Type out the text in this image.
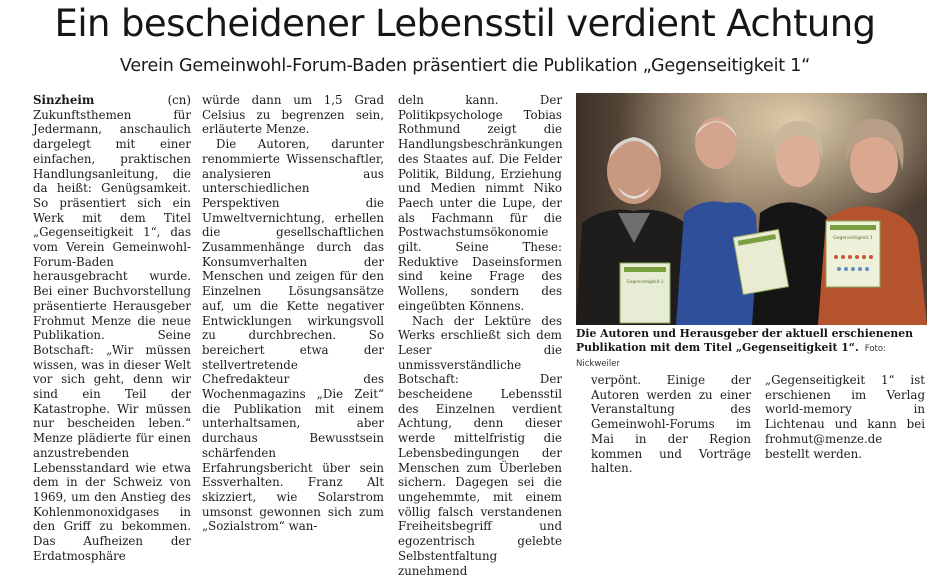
Ein bescheidener Lebensstil verdient Achtung
Verein Gemeinwohl-Forum-Baden präsentiert die Publikation „Gegenseitigkeit 1“

Sinzheim (cn) Zukunftsthemen für Jedermann, anschaulich dargelegt mit einer einfachen, praktischen Handlungsanleitung, die da heißt: Genügsamkeit. So präsentiert sich ein Werk mit dem Titel „Gegenseitigkeit 1“, das vom Verein Gemeinwohl-Forum-Baden herausgebracht wurde. Bei einer Buchvorstellung präsentierte Herausgeber Frohmut Menze die neue Publikation. Seine Botschaft: „Wir müssen wissen, was in dieser Welt vor sich geht, denn wir sind ein Teil der Katastrophe. Wir müssen nur bescheiden leben.“ Menze plädierte für einen anzustrebenden Lebensstandard wie etwa dem in der Schweiz von 1969, um den Anstieg des Kohlenmonoxidgases in den Griff zu bekommen. Das Aufheizen der Erdatmosphäre

würde dann um 1,5 Grad Celsius zu begrenzen sein, erläuterte Menze.

Die Autoren, darunter renommierte Wissenschaftler, analysieren aus unterschiedlichen Perspektiven die Umweltvernichtung, erhellen die gesellschaftlichen Zusammenhänge durch das Konsumverhalten der Menschen und zeigen für den Einzelnen Lösungsansätze auf, um die Kette negativer Entwicklungen wirkungsvoll zu durchbrechen. So bereichert etwa der stellvertretende Chefredakteur des Wochenmagazins „Die Zeit“ die Publikation mit einem unterhaltsamen, aber durchaus Bewusstsein schärfenden Erfahrungsbericht über sein Essverhalten. Franz Alt skizziert, wie Solarstrom umsonst gewonnen sich zum „Sozialstrom“ wan-

deln kann. Der Politikpsychologe Tobias Rothmund zeigt die Handlungsbeschränkungen des Staates auf. Die Felder Politik, Bildung, Erziehung und Medien nimmt Niko Paech unter die Lupe, der als Fachmann für die Postwachstumsökonomie gilt. Seine These: Reduktive Daseinsformen sind keine Frage des Wollens, sondern des eingeübten Könnens.

Nach der Lektüre des Werks erschließt sich dem Leser die unmissverständliche Botschaft: Der bescheidene Lebensstil des Einzelnen verdient Achtung, denn dieser werde mittelfristig die Lebensbedingungen der Menschen zum Überleben sichern. Dagegen sei die ungehemmte, mit einem völlig falsch verstandenen Freiheitsbegriff und egozentrisch gelebte Selbstentfaltung zunehmend

Gegenseitigkeit 1
Gegenseitigkeit 1
Die Autoren und Herausgeber der aktuell erschienenen Publikation mit dem Titel „Gegenseitigkeit 1“. Foto: Nickweiler

verpönt. Einige der Autoren werden zu einer Veranstaltung des Gemeinwohl-Forums im Mai in der Region kommen und Vorträge halten.

„Gegenseitigkeit 1“ ist erschienen im Verlag world-memory in Lichtenau und kann bei frohmut@menze.de bestellt werden.
